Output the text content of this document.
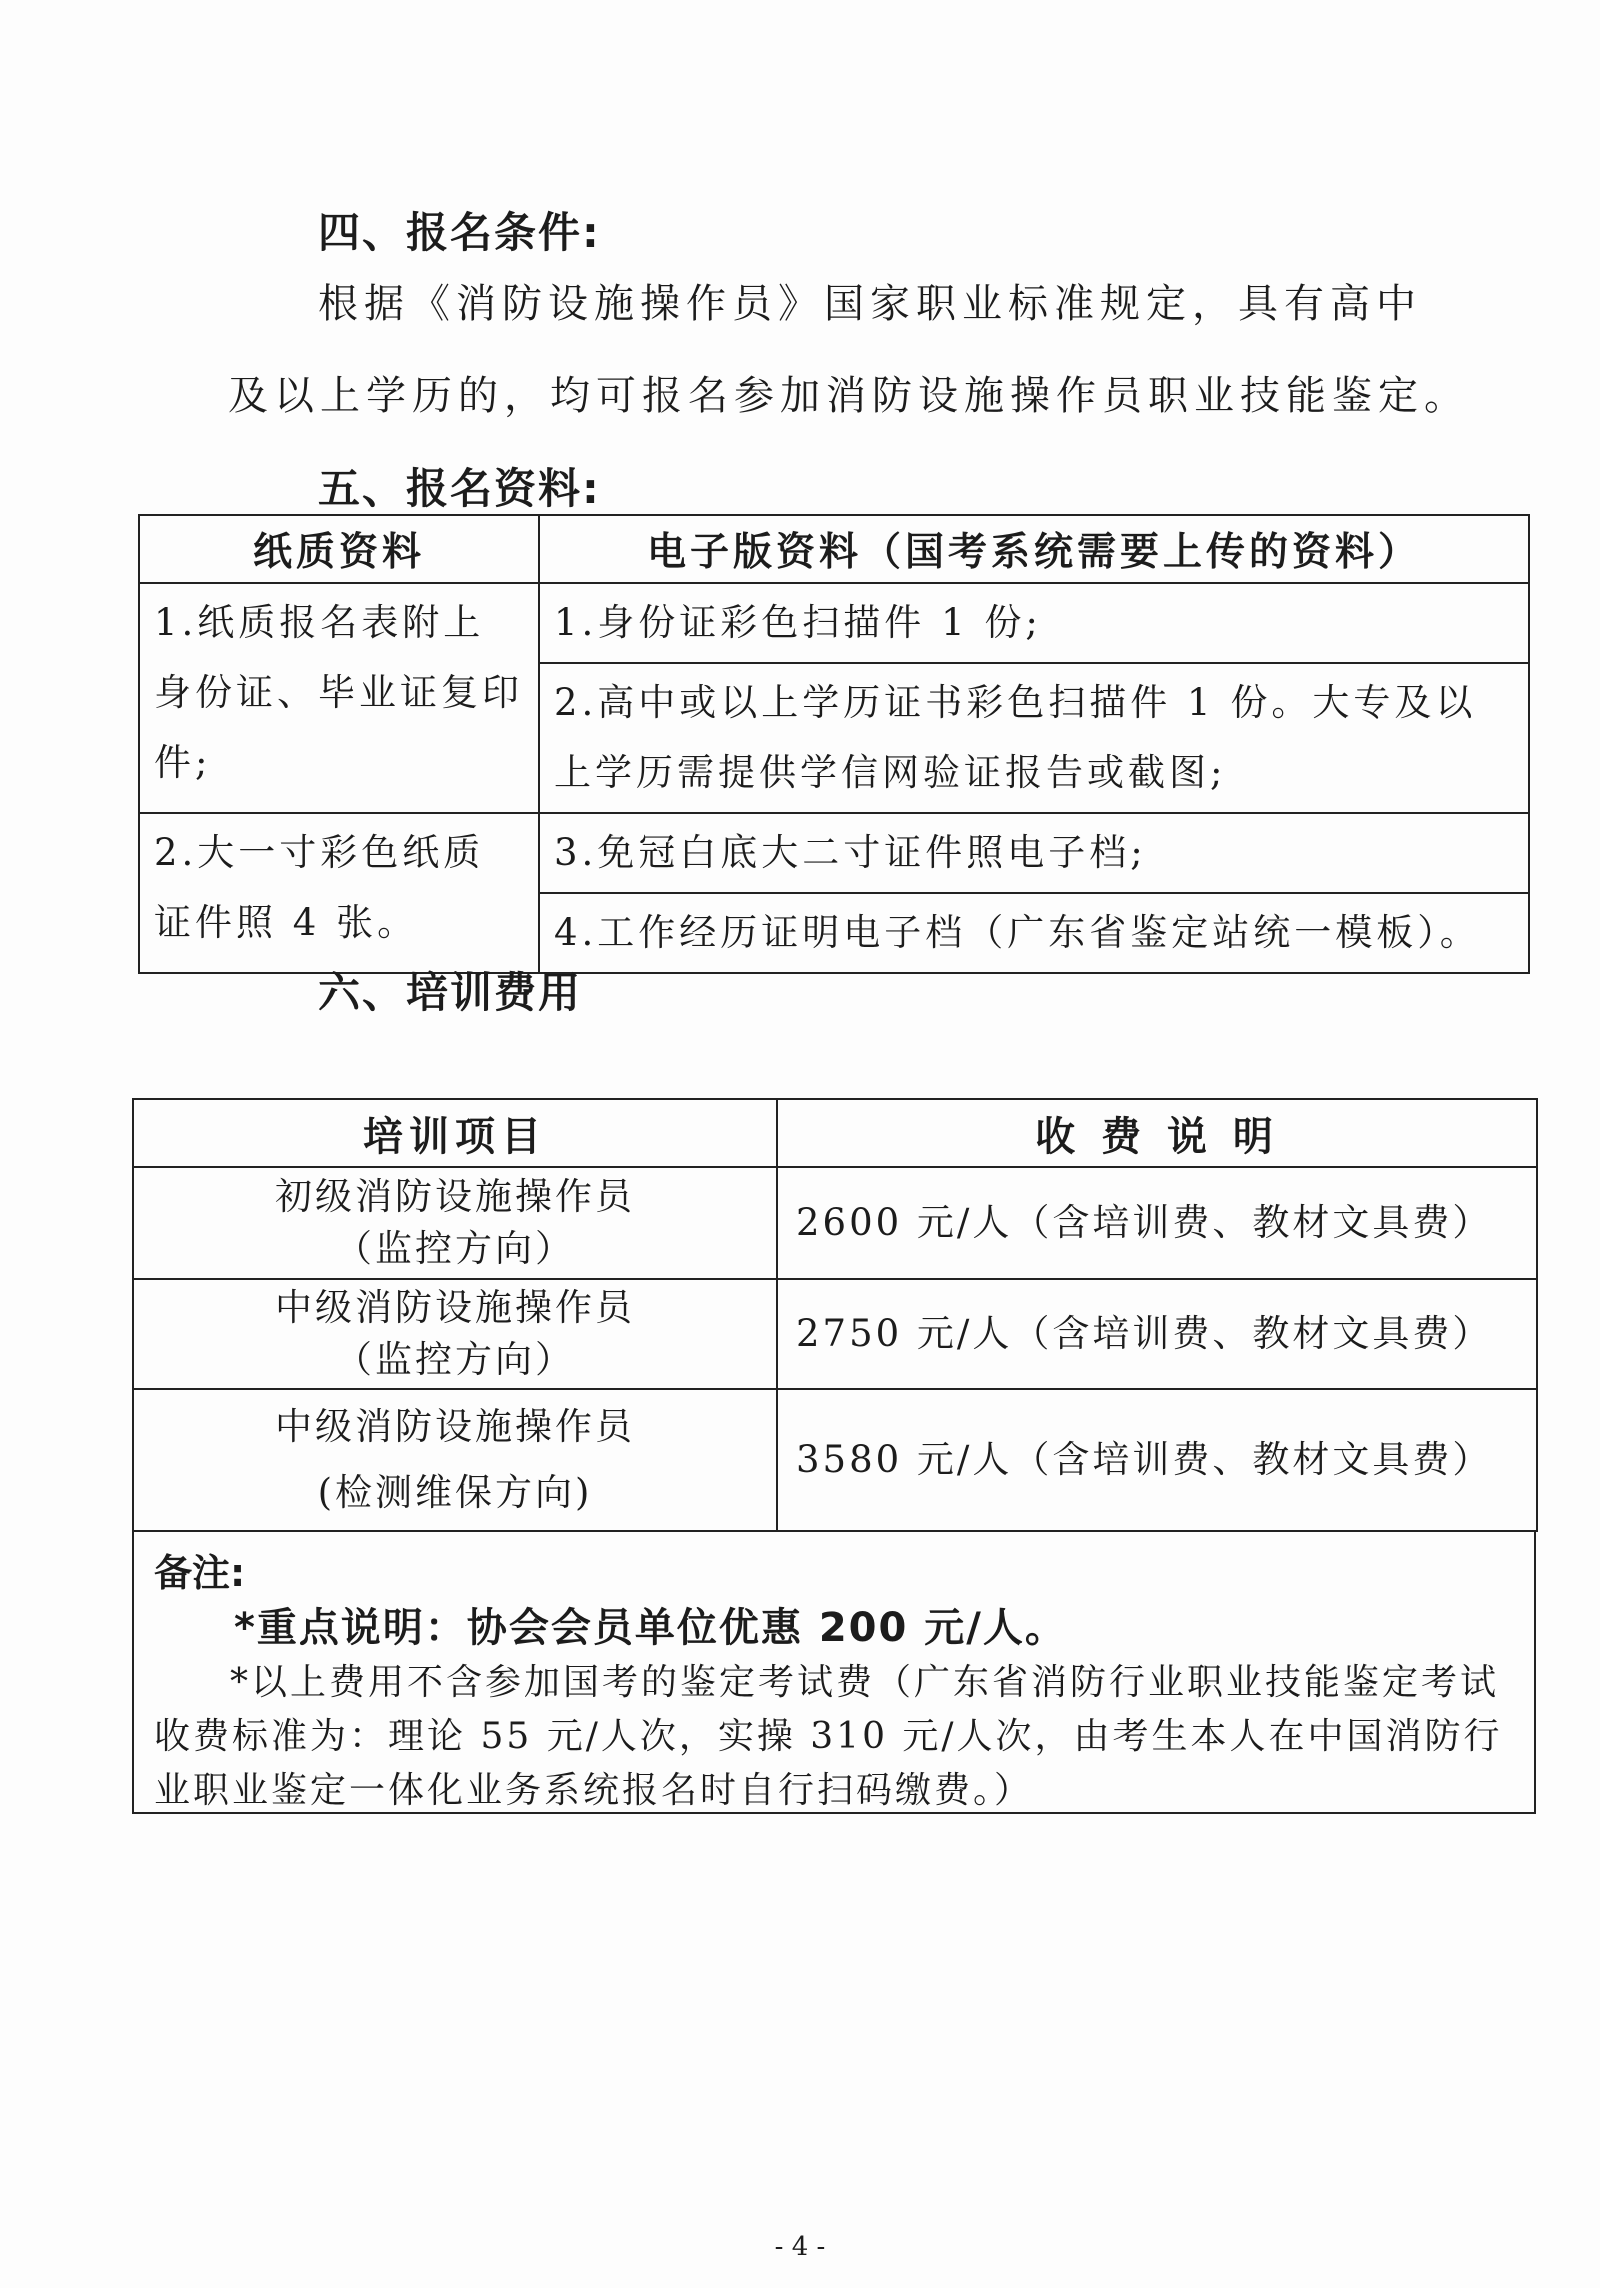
四、报名条件:
根据《消防设施操作员》国家职业标准规定，具有高中
及以上学历的，均可报名参加消防设施操作员职业技能鉴定。
五、报名资料:
纸质资料	电子版资料（国考系统需要上传的资料）
1.纸质报名表附上身份证、毕业证复印件;	1.身份证彩色扫描件 1 份;
	2.高中或以上学历证书彩色扫描件 1 份。大专及以上学历需提供学信网验证报告或截图;
2.大一寸彩色纸质证件照 4 张。	3.免冠白底大二寸证件照电子档;
	4.工作经历证明电子档（广东省鉴定站统一模板）。
六、培训费用
培训项目	收 费 说 明

初级消防设施操作员
（监控方向）	2600 元/人（含培训费、教材文具费）

中级消防设施操作员
（监控方向）	2750 元/人（含培训费、教材文具费）

中级消防设施操作员
(检测维保方向)	3580 元/人（含培训费、教材文具费）
备注:
*重点说明：协会会员单位优惠 200 元/人。
*以上费用不含参加国考的鉴定考试费（广东省消防行业职业技能鉴定考试收费标准为：理论 55 元/人次，实操 310 元/人次，由考生本人在中国消防行业职业鉴定一体化业务系统报名时自行扫码缴费。）
- 4 -
